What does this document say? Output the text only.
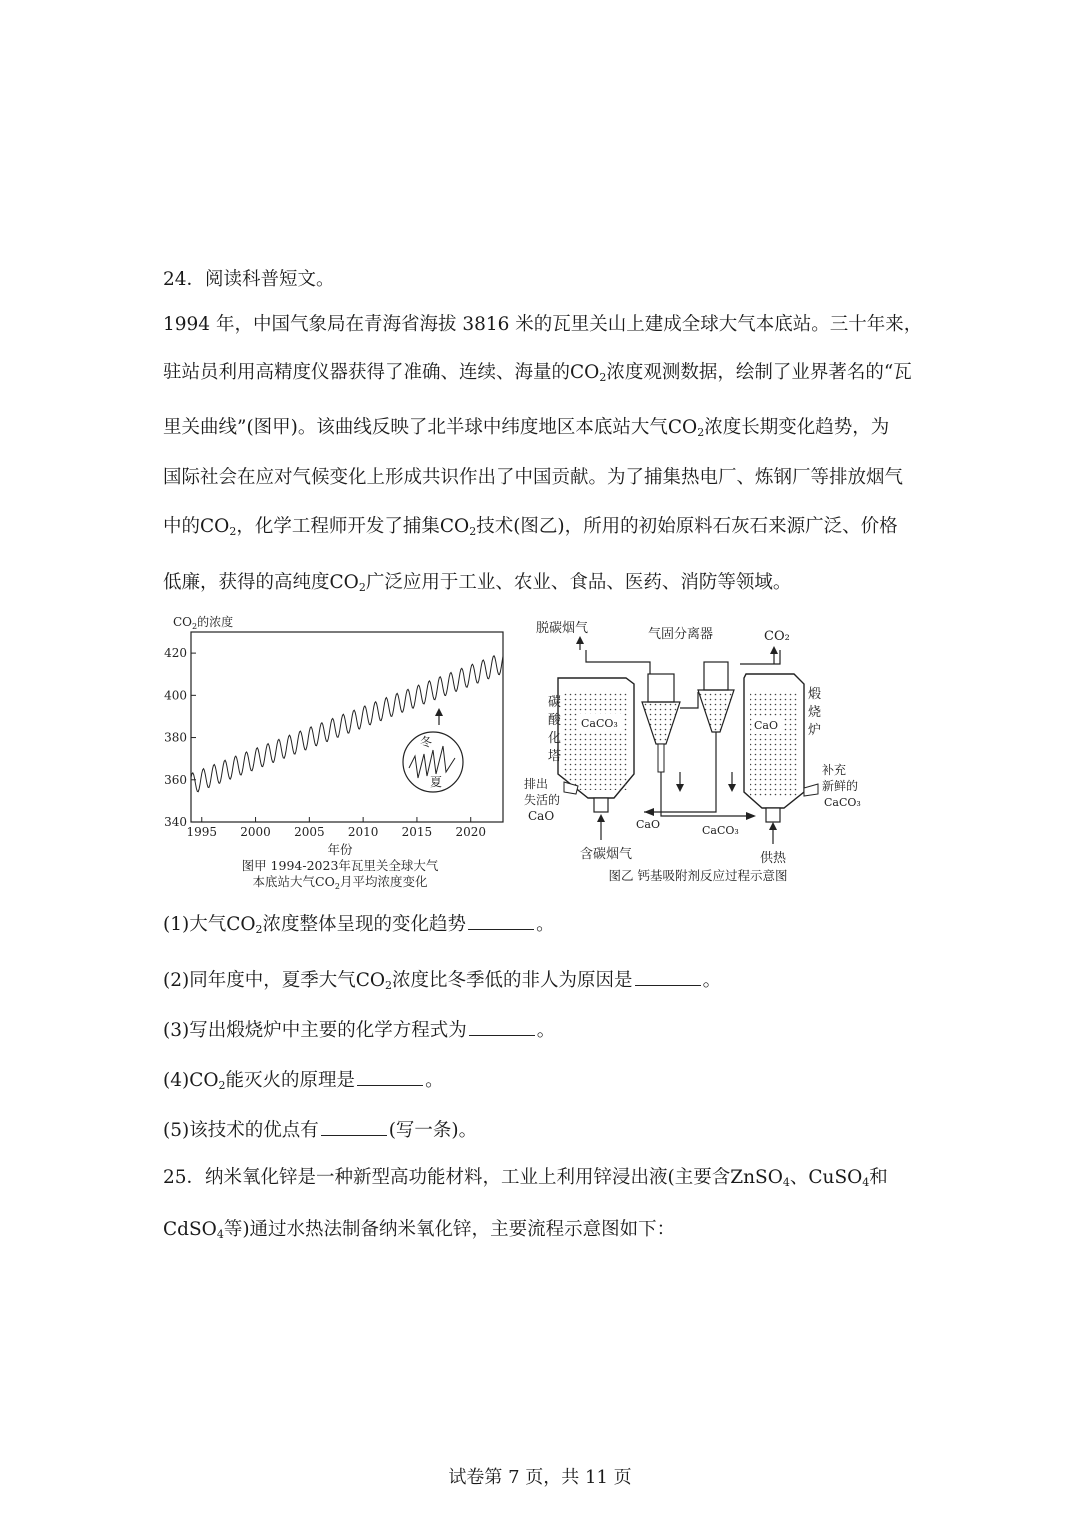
24．阅读科普短文。
1994 年，中国气象局在青海省海拔 3816 米的瓦里关山上建成全球大气本底站。三十年来，
驻站员利用高精度仪器获得了准确、连续、海量的$CO_2$浓度观测数据，绘制了业界著名的“瓦
里关曲线”(图甲)。该曲线反映了北半球中纬度地区本底站大气$CO_2$浓度长期变化趋势，为
国际社会在应对气候变化上形成共识作出了中国贡献。为了捕集热电厂、炼钢厂等排放烟气
中的$CO_2$，化学工程师开发了捕集$CO_2$技术(图乙)，所用的初始原料石灰石来源广泛、价格
低廉，获得的高纯度$CO_2$广泛应用于工业、农业、食品、医药、消防等领域。
$CO_2$的浓度
1995 2000 2005 2010 2015 2020
340
360
380
400
420
冬
夏
年份
图甲 1994-2023年瓦里关全球大气
本底站大气$CO_2$月平均浓度变化
脱碳烟气	气固分离器	CO₂
CaCO₃
碳
酸
化
塔
含碳烟气
CaO	CaCO₃
CaO
煅
烧
炉
供热
排出
失活的
CaO
补充
新鲜的
CaCO₃
图乙 钙基吸附剂反应过程示意图
(1)大气$CO_2$浓度整体呈现的变化趋势	。
(2)同年度中，夏季大气$CO_2$浓度比冬季低的非人为原因是	。
(3)写出煅烧炉中主要的化学方程式为	。
$(4)CO_2$能灭火的原理是	。
(5)该技术的优点有	(写一条)。
25．纳米氧化锌是一种新型高功能材料，工业上利用锌浸出液(主要含ZnSO$_4$、CuSO$_4$和
CdSO$_4$等)通过水热法制备纳米氧化锌，主要流程示意图如下：
试卷第 7 页，共 11 页
